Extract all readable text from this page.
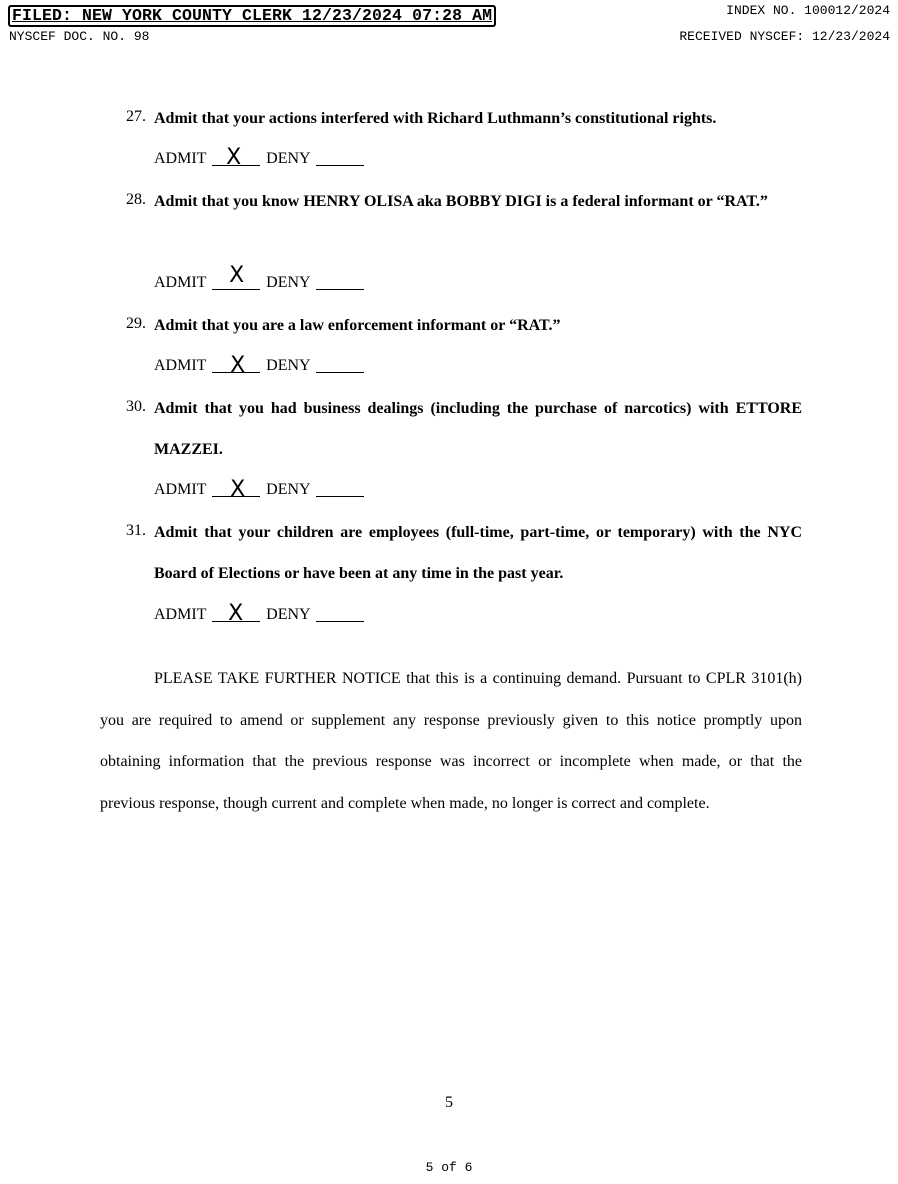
FILED: NEW YORK COUNTY CLERK 12/23/2024 07:28 AM	INDEX NO. 100012/2024
NYSCEF DOC. NO. 98	RECEIVED NYSCEF: 12/23/2024
27. Admit that your actions interfered with Richard Luthmann’s constitutional rights.
ADMIT X DENY
28. Admit that you know HENRY OLISA aka BOBBY DIGI is a federal informant or “RAT.”
ADMIT X DENY
29. Admit that you are a law enforcement informant or “RAT.”
ADMIT X DENY
30. Admit that you had business dealings (including the purchase of narcotics) with ETTORE MAZZEI.
ADMIT X DENY
31. Admit that your children are employees (full-time, part-time, or temporary) with the NYC Board of Elections or have been at any time in the past year.
ADMIT X DENY
PLEASE TAKE FURTHER NOTICE that this is a continuing demand. Pursuant to CPLR 3101(h) you are required to amend or supplement any response previously given to this notice promptly upon obtaining information that the previous response was incorrect or incomplete when made, or that the previous response, though current and complete when made, no longer is correct and complete.
5
5 of 6
